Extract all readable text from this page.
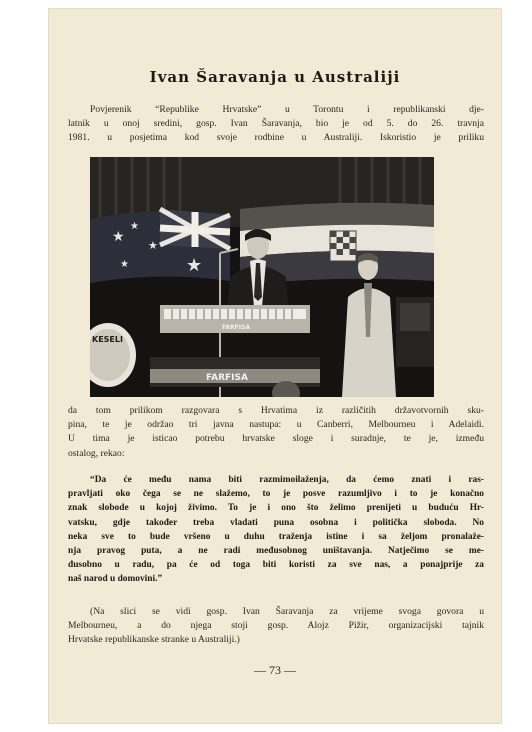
Ivan Šaravanja u Australiji
Povjerenik “Republike Hrvatske” u Torontu i republikanski dje-
latnik u onoj sredini, gosp. Ivan Šaravanja, bio je od 5. do 26. travnja
1981. u posjetima kod svoje rodbine u Australiji. Iskoristio je priliku
★
★
★
★	★
FARFISA
FARFISA
KESELI
da tom prilikom razgovara s Hrvatima iz različitih državotvornih sku-
pina, te je održao tri javna nastupa: u Canberri, Melbourneu i Adelaidi.
U tima je isticao potrebu hrvatske sloge i suradnje, te je, između
ostalog, rekao:
“Da će među nama biti razmimoilaženja, da ćemo znati i ras-
pravljati oko čega se ne slažemo, to je posve razumljivo i to je konačno
znak slobode u kojoj živimo. To je i ono što želimo prenijeti u buduću Hr-
vatsku, gdje također treba vladati puna osobna i politička sloboda. No
neka sve to bude vršeno u duhu traženja istine i sa željom pronalaže-
nja pravog puta, a ne radi međusobnog uništavanja. Natječimo se me-
đusobno u radu, pa će od toga biti koristi za sve nas, a ponajprije za
naš narod u domovini.”
(Na slici se vidi gosp. Ivan Šaravanja za vrijeme svoga govora u
Melbourneu, a do njega stoji gosp. Alojz Pižir, organizacijski tajnik
Hrvatske republikanske stranke u Australiji.)
— 73 —
